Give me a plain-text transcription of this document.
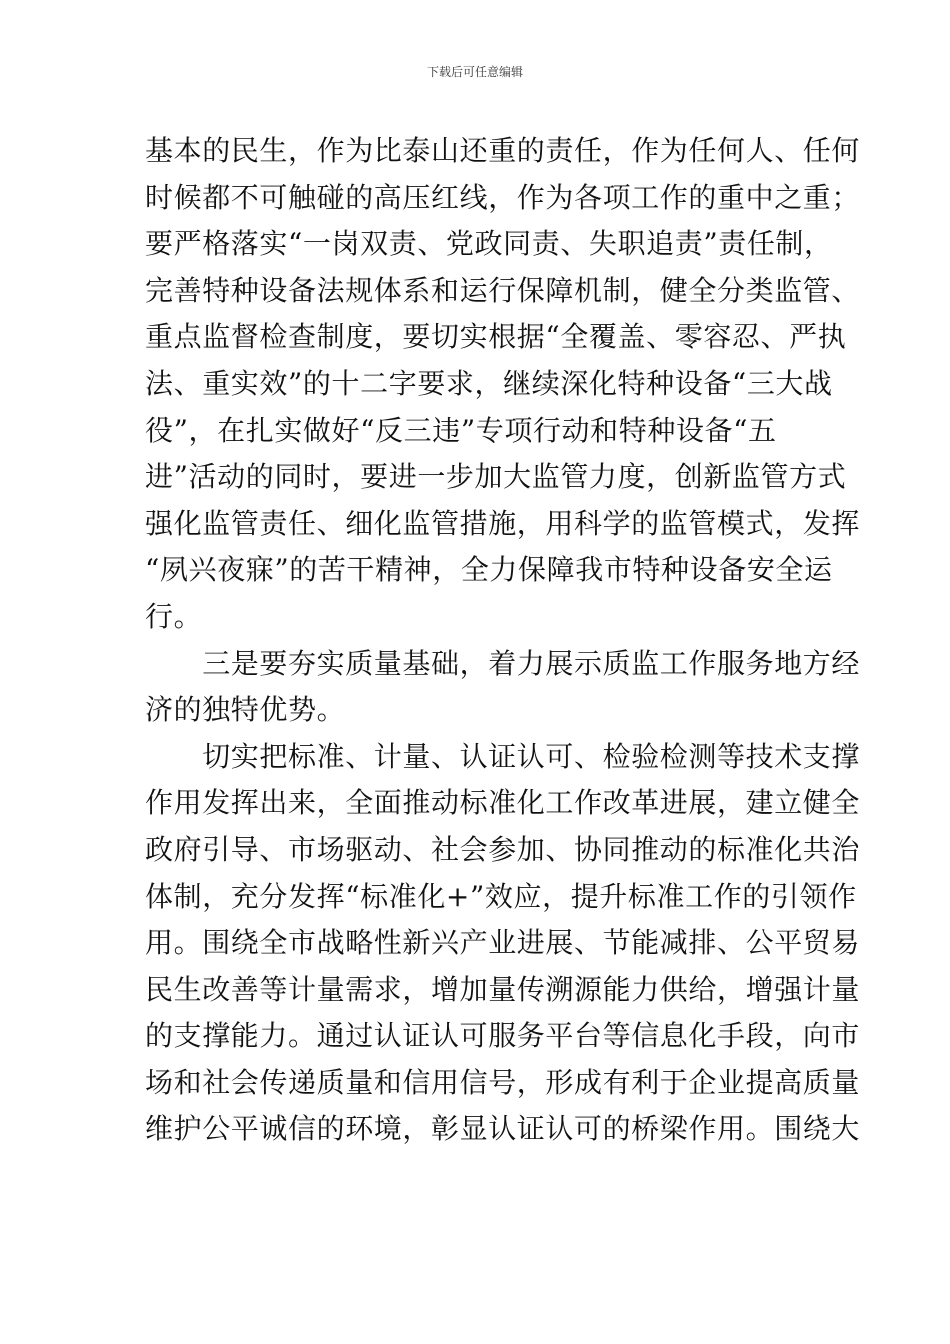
下载后可任意编辑
基本的民生，作为比泰山还重的责任，作为任何人、任何
时候都不可触碰的高压红线，作为各项工作的重中之重；
要严格落实“一岗双责、党政同责、失职追责”责任制，
完善特种设备法规体系和运行保障机制，健全分类监管、
重点监督检查制度，要切实根据“全覆盖、零容忍、严执
法、重实效”的十二字要求，继续深化特种设备“三大战
役”，在扎实做好“反三违”专项行动和特种设备“五
进”活动的同时，要进一步加大监管力度，创新监管方式
强化监管责任、细化监管措施，用科学的监管模式，发挥
“夙兴夜寐”的苦干精神，全力保障我市特种设备安全运
行。
　　三是要夯实质量基础，着力展示质监工作服务地方经
济的独特优势。
　　切实把标准、计量、认证认可、检验检测等技术支撑
作用发挥出来，全面推动标准化工作改革进展，建立健全
政府引导、市场驱动、社会参加、协同推动的标准化共治
体制，充分发挥“标准化+”效应，提升标准工作的引领作
用。围绕全市战略性新兴产业进展、节能减排、公平贸易
民生改善等计量需求，增加量传溯源能力供给，增强计量
的支撑能力。通过认证认可服务平台等信息化手段，向市
场和社会传递质量和信用信号，形成有利于企业提高质量
维护公平诚信的环境，彰显认证认可的桥梁作用。围绕大
